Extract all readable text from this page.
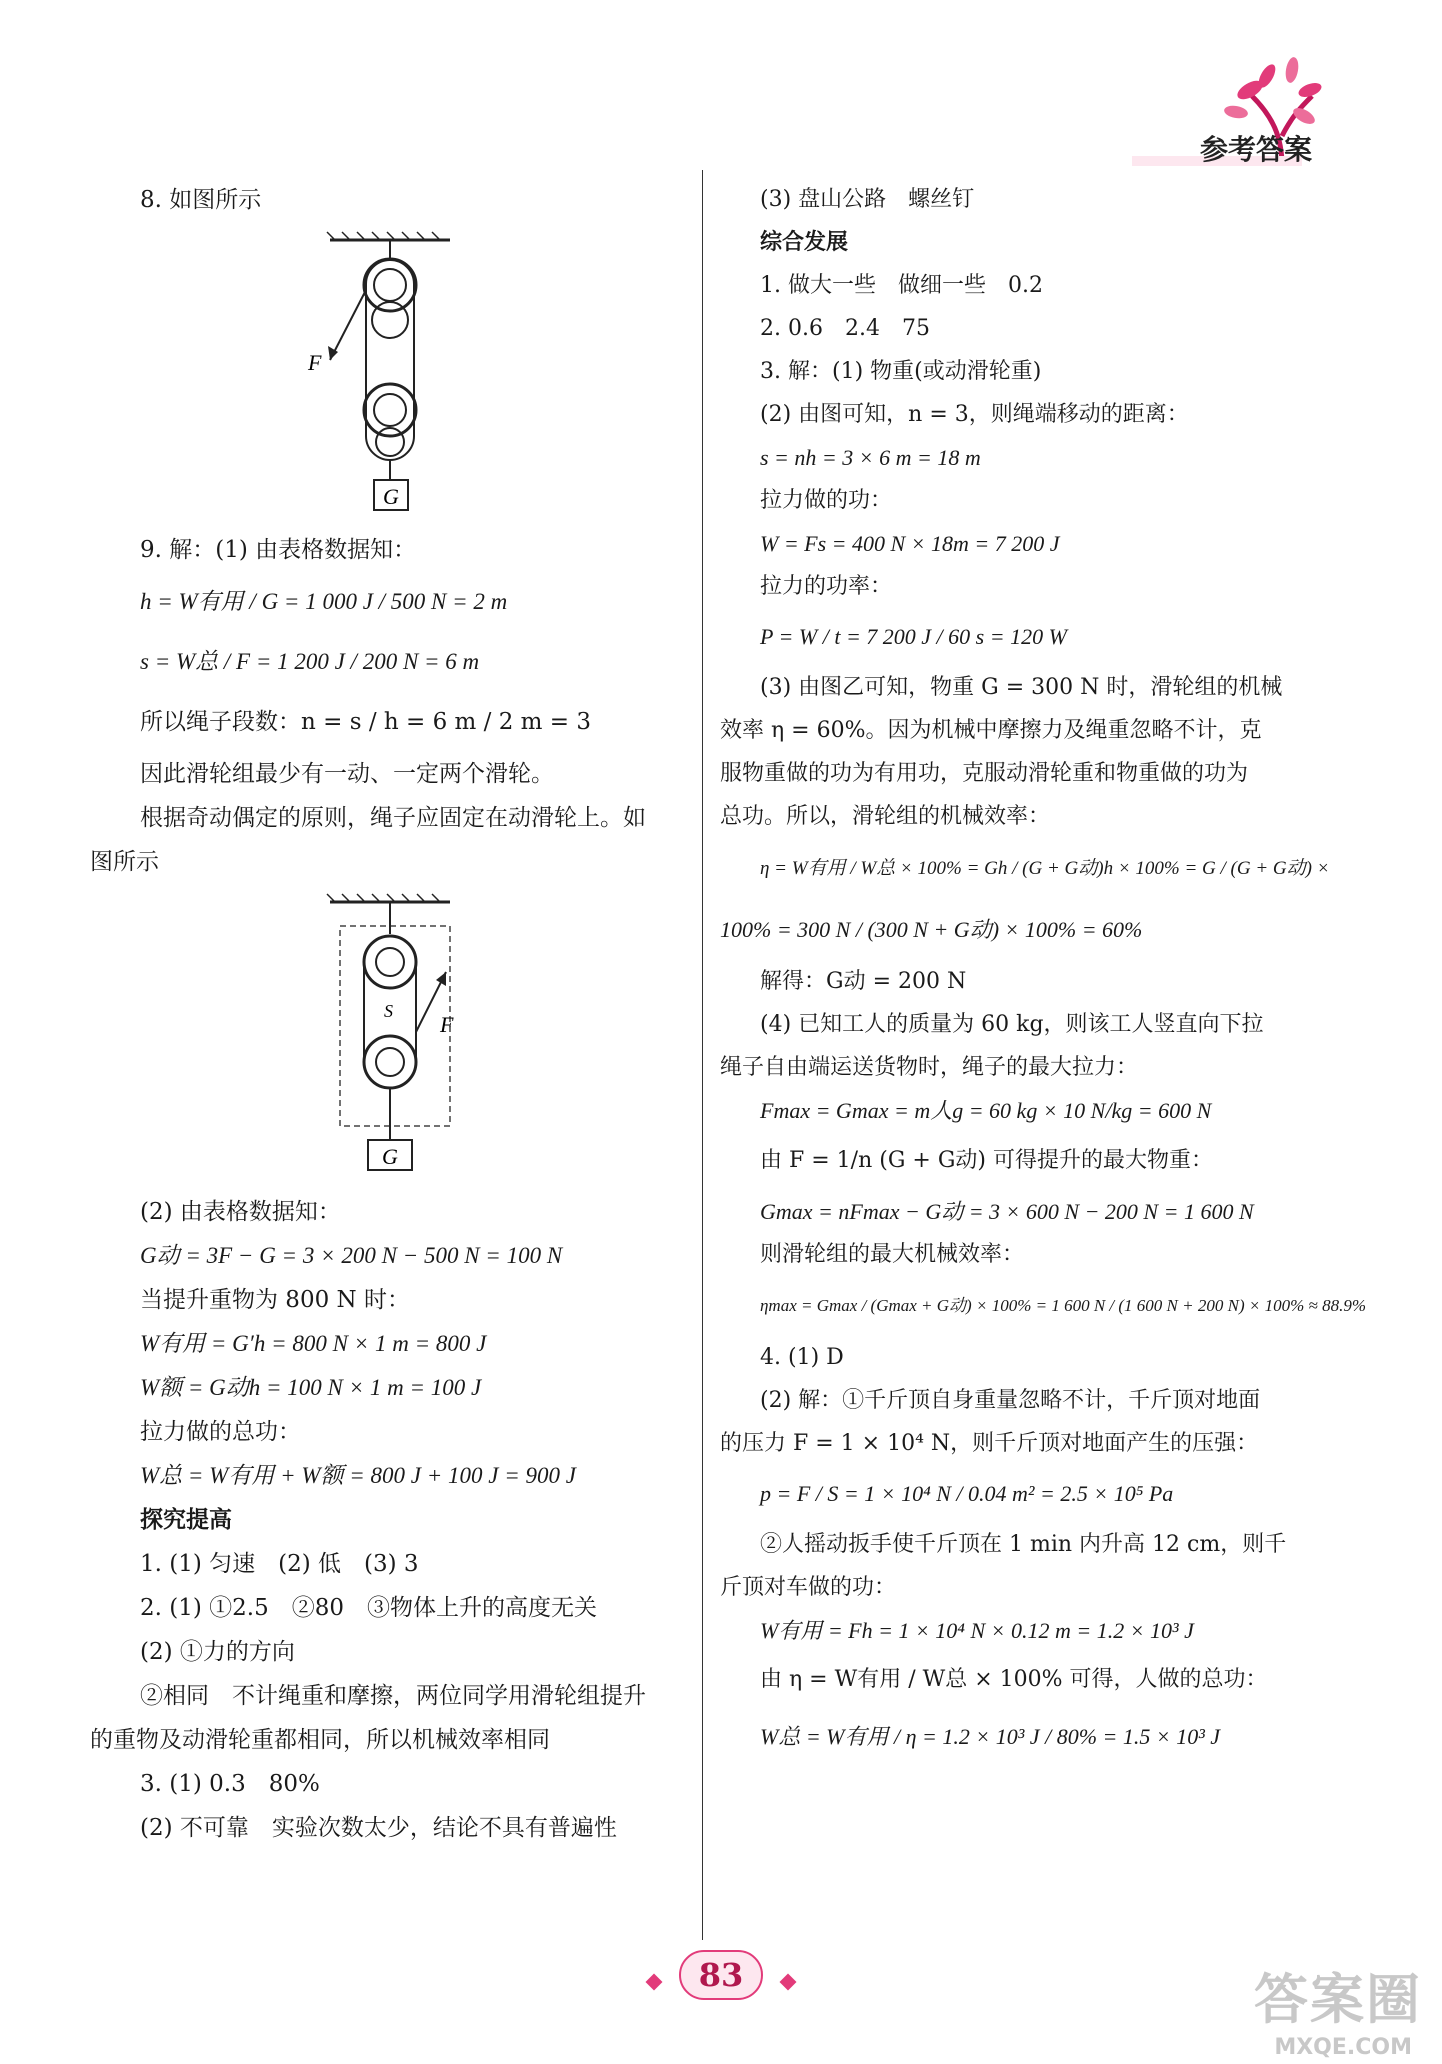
参考答案
8. 如图所示
G
F
9. 解：(1) 由表格数据知：
h = W有用 / G = 1 000 J / 500 N = 2 m
s = W总 / F = 1 200 J / 200 N = 6 m
所以绳子段数：n = s / h = 6 m / 2 m = 3
因此滑轮组最少有一动、一定两个滑轮。
根据奇动偶定的原则，绳子应固定在动滑轮上。如
图所示
S
F
G
(2) 由表格数据知：
G动 = 3F − G = 3 × 200 N − 500 N = 100 N
当提升重物为 800 N 时：
W有用 = G′h = 800 N × 1 m = 800 J
W额 = G动h = 100 N × 1 m = 100 J
拉力做的总功：
W总 = W有用 + W额 = 800 J + 100 J = 900 J
探究提高
1. (1) 匀速　(2) 低　(3) 3
2. (1) ①2.5　②80　③物体上升的高度无关
(2) ①力的方向
②相同　不计绳重和摩擦，两位同学用滑轮组提升
的重物及动滑轮重都相同，所以机械效率相同
3. (1) 0.3　80%
(2) 不可靠　实验次数太少，结论不具有普遍性
(3) 盘山公路　螺丝钉
综合发展
1. 做大一些　做细一些　0.2
2. 0.6　2.4　75
3. 解：(1) 物重(或动滑轮重)
(2) 由图可知，n = 3，则绳端移动的距离：
s = nh = 3 × 6 m = 18 m
拉力做的功：
W = Fs = 400 N × 18m = 7 200 J
拉力的功率：
P = W / t = 7 200 J / 60 s = 120 W
(3) 由图乙可知，物重 G = 300 N 时，滑轮组的机械
效率 η = 60%。因为机械中摩擦力及绳重忽略不计，克
服物重做的功为有用功，克服动滑轮重和物重做的功为
总功。所以，滑轮组的机械效率：
η = W有用 / W总 × 100% = Gh / (G + G动)h × 100% = G / (G + G动) ×
100% = 300 N / (300 N + G动) × 100% = 60%
解得：G动 = 200 N
(4) 已知工人的质量为 60 kg，则该工人竖直向下拉
绳子自由端运送货物时，绳子的最大拉力：
Fmax = Gmax = m人g = 60 kg × 10 N/kg = 600 N
由 F = 1/n (G + G动) 可得提升的最大物重：
Gmax = nFmax − G动 = 3 × 600 N − 200 N = 1 600 N
则滑轮组的最大机械效率：
ηmax = Gmax / (Gmax + G动) × 100% = 1 600 N / (1 600 N + 200 N) × 100% ≈ 88.9%
4. (1) D
(2) 解：①千斤顶自身重量忽略不计，千斤顶对地面
的压力 F = 1 × 10⁴ N，则千斤顶对地面产生的压强：
p = F / S = 1 × 10⁴ N / 0.04 m² = 2.5 × 10⁵ Pa
②人摇动扳手使千斤顶在 1 min 内升高 12 cm，则千
斤顶对车做的功：
W有用 = Fh = 1 × 10⁴ N × 0.12 m = 1.2 × 10³ J
由 η = W有用 / W总 × 100% 可得，人做的总功：
W总 = W有用 / η = 1.2 × 10³ J / 80% = 1.5 × 10³ J
83	答案圈
MXQE.COM
